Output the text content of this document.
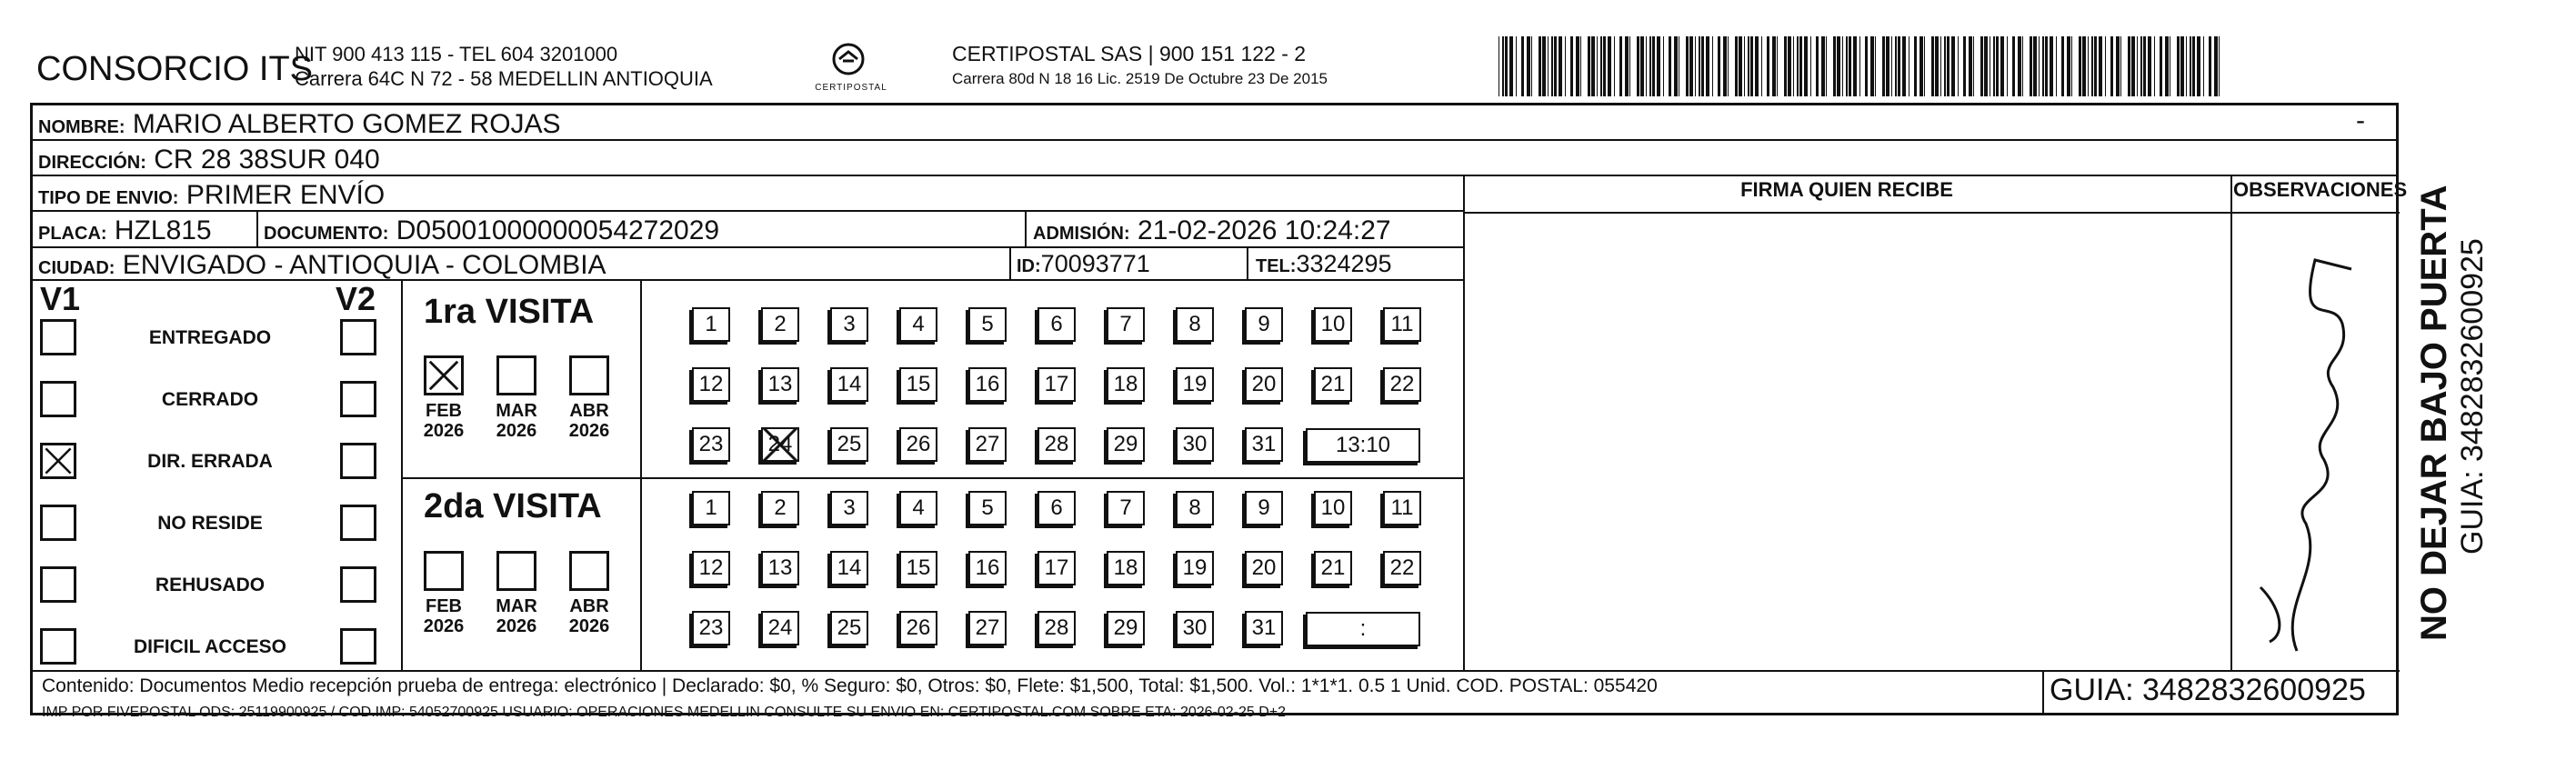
CONSORCIO ITS
NIT 900 413 115 - TEL 604 3201000
Carrera 64C N 72 - 58 MEDELLIN ANTIOQUIA	CERTIPOSTAL
CERTIPOSTAL SAS | 900 151 122 - 2
Carrera 80d N 18 16 Lic. 2519 De Octubre 23 De 2015
NOMBRE: MARIO ALBERTO GOMEZ ROJAS	-
DIRECCIÓN: CR 28 38SUR 040
TIPO DE ENVIO: PRIMER ENVÍO
PLACA: HZL815	DOCUMENTO: D05001000000054272029	ADMISIÓN: 21-02-2026 10:24:27
CIUDAD: ENVIGADO - ANTIOQUIA - COLOMBIA	ID:70093771	TEL:3324295
FIRMA QUIEN RECIBE	OBSERVACIONES
V1	V2
ENTREGADO
CERRADO
DIR. ERRADA
NO RESIDE
REHUSADO
DIFICIL ACCESO
1ra VISITA
FEB
2026
MAR
2026
ABR
2026
1	2	3	4	5	6	7	8	9	10	11
12	13	14	15	16	17	18	19	20	21	22
23	24	25	26	27	28	29	30	31	13:10
2da VISITA
FEB
2026
MAR
2026
ABR
2026
1	2	3	4	5	6	7	8	9	10	11
12	13	14	15	16	17	18	19	20	21	22
23	24	25	26	27	28	29	30	31	:
Contenido: Documentos Medio recepción prueba de entrega: electrónico | Declarado: $0, % Seguro: $0, Otros: $0, Flete: $1,500, Total: $1,500. Vol.: 1*1*1. 0.5 1 Unid. COD. POSTAL: 055420
IMP POR FIVEPOSTAL ODS: 25119900925 / COD.IMP: 54052700925 USUARIO: OPERACIONES MEDELLIN CONSULTE SU ENVIO EN: CERTIPOSTAL.COM SOBRE ETA: 2026-02-25 D+2
GUIA: 3482832600925
NO DEJAR BAJO PUERTA GUIA: 3482832600925
